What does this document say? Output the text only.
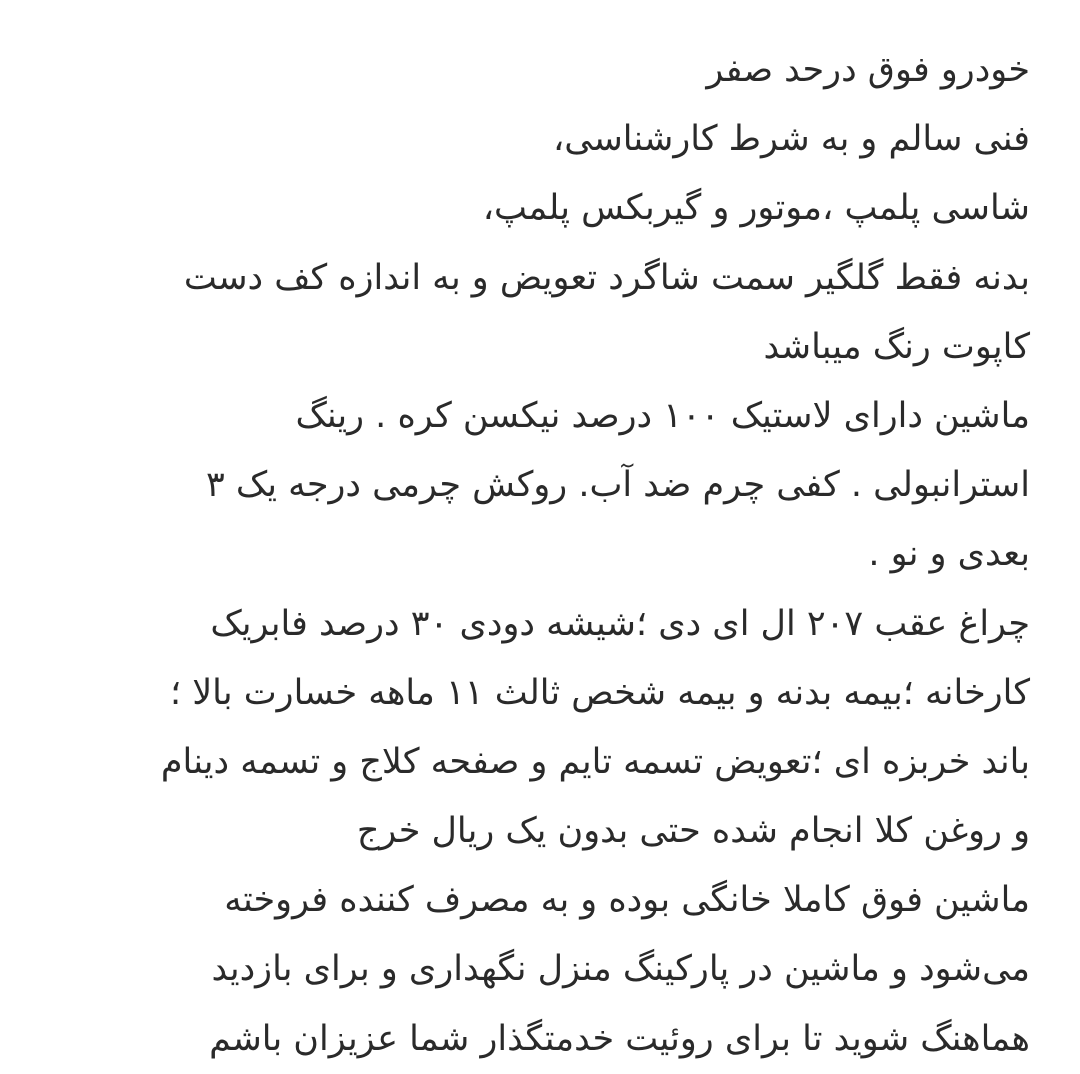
خودرو فوق درحد صفر
فنی سالم و به شرط کارشناسی،
شاسی پلمپ ،موتور و گیربکس پلمپ،
بدنه فقط گلگیر سمت شاگرد تعویض و به اندازه کف دست
کاپوت رنگ میباشد
ماشین دارای لاستیک ۱۰۰ درصد نیکسن کره . رینگ
استرانبولی . کفی چرم ضد آب. روکش چرمی درجه یک ۳
بعدی و نو .
چراغ عقب ۲۰۷ ال ای دی ؛شیشه دودی ۳۰ درصد فابریک
کارخانه ؛بیمه بدنه و بیمه شخص ثالث ۱۱ ماهه خسارت بالا ؛
باند خربزه ای ؛تعویض تسمه تایم و صفحه کلاج و تسمه دینام
و روغن کلا انجام شده حتی بدون یک ریال خرج
ماشین فوق کاملا خانگی بوده و به مصرف کننده فروخته
می‌شود و ماشین در پارکینگ منزل نگهداری و برای بازدید
هماهنگ شوید تا برای روئیت خدمتگذار شما عزیزان باشم
